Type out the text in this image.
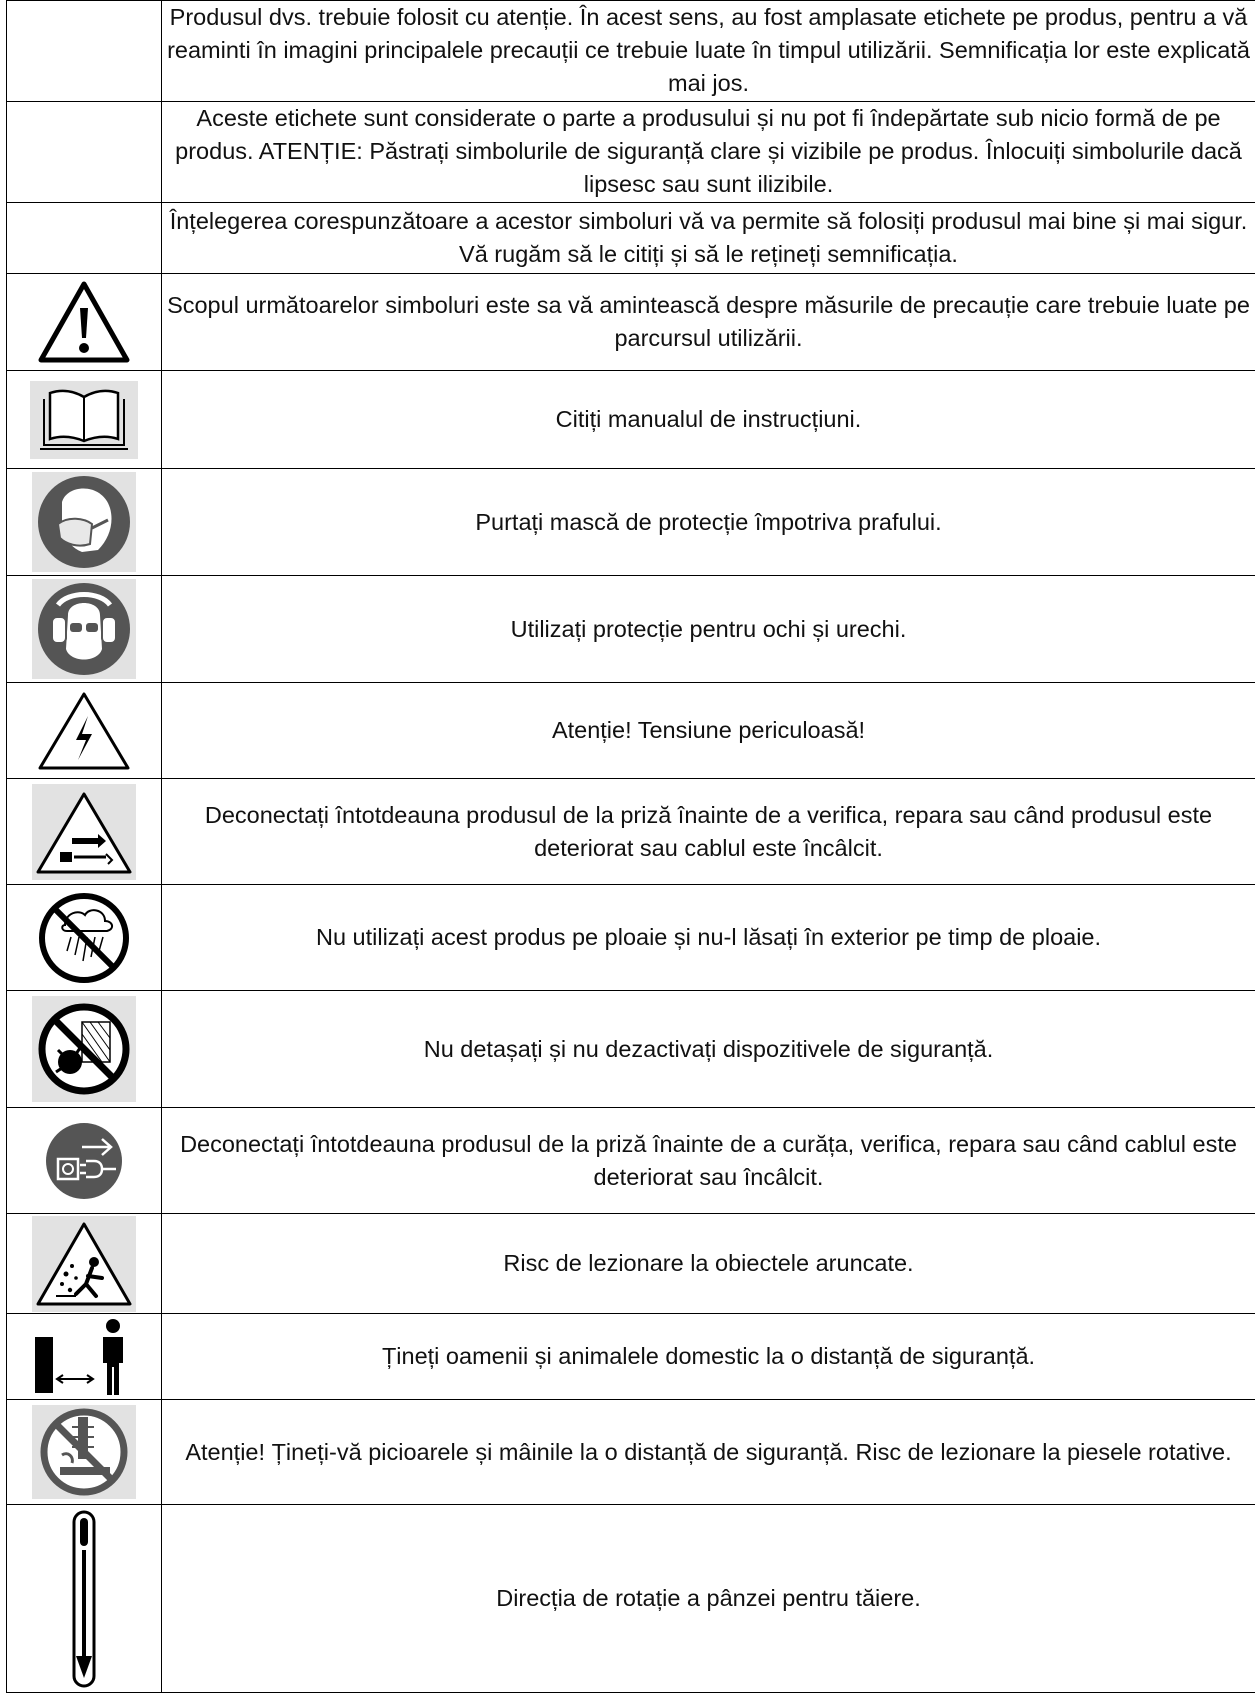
	Produsul dvs. trebuie folosit cu atenție. În acest sens, au fost amplasate etichete pe produs, pentru a vă reaminti în imagini principalele precauții ce trebuie luate în timpul utilizării. Semnificația lor este explicată mai jos.
	Aceste etichete sunt considerate o parte a produsului și nu pot fi îndepărtate sub nicio formă de pe produs. ATENȚIE: Păstrați simbolurile de siguranță clare și vizibile pe produs. Înlocuiți simbolurile dacă lipsesc sau sunt ilizibile.
	Înțelegerea corespunzătoare a acestor simboluri vă va permite să folosiți produsul mai bine și mai sigur. Vă rugăm să le citiți și să le rețineți semnificația.

	Scopul următoarelor simboluri este sa vă amintească despre măsurile de precauție care trebuie luate pe parcursul utilizării.

	Citiți manualul de instrucțiuni.

	Purtați mască de protecție împotriva prafului.

	Utilizați protecție pentru ochi și urechi.

	Atenție! Tensiune periculoasă!

	Deconectați întotdeauna produsul de la priză înainte de a verifica, repara sau când produsul este deteriorat sau cablul este încâlcit.

	Nu utilizați acest produs pe ploaie și nu-l lăsați în exterior pe timp de ploaie.

	Nu detașați și nu dezactivați dispozitivele de siguranță.

	Deconectați întotdeauna produsul de la priză înainte de a curăța, verifica, repara sau când cablul este deteriorat sau încâlcit.

	Risc de lezionare la obiectele aruncate.

	Țineți oamenii și animalele domestic la o distanță de siguranță.

	Atenție! Țineți-vă picioarele și mâinile la o distanță de siguranță. Risc de lezionare la piesele rotative.

	Direcția de rotație a pânzei pentru tăiere.
